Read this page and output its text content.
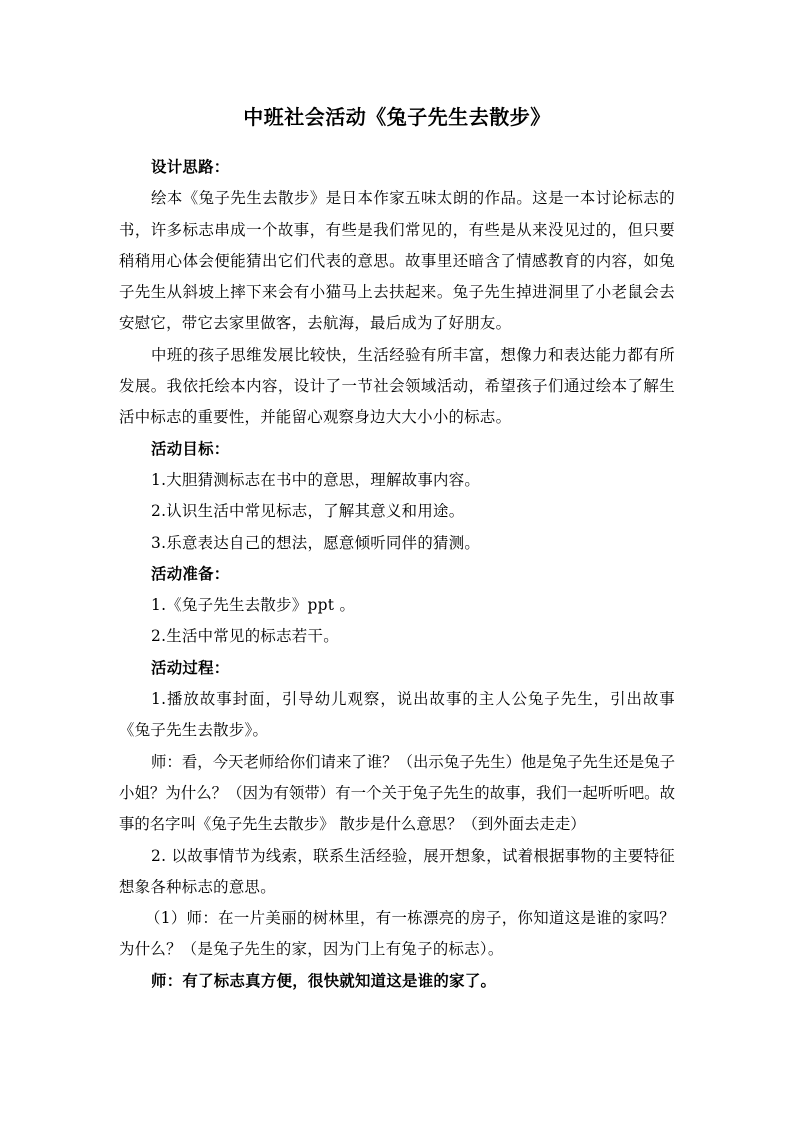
中班社会活动《兔子先生去散步》

设计思路：

绘本《兔子先生去散步》是日本作家五味太朗的作品。这是一本讨论标志的书，许多标志串成一个故事，有些是我们常见的，有些是从来没见过的，但只要稍稍用心体会便能猜出它们代表的意思。故事里还暗含了情感教育的内容，如兔子先生从斜坡上摔下来会有小猫马上去扶起来。兔子先生掉进洞里了小老鼠会去安慰它，带它去家里做客，去航海，最后成为了好朋友。

中班的孩子思维发展比较快，生活经验有所丰富，想像力和表达能力都有所发展。我依托绘本内容，设计了一节社会领域活动，希望孩子们通过绘本了解生活中标志的重要性，并能留心观察身边大大小小的标志。

活动目标：

1.大胆猜测标志在书中的意思，理解故事内容。

2.认识生活中常见标志，了解其意义和用途。

3.乐意表达自己的想法，愿意倾听同伴的猜测。

活动准备：

1.《兔子先生去散步》ppt 。

2.生活中常见的标志若干。

活动过程：

1.播放故事封面，引导幼儿观察，说出故事的主人公兔子先生，引出故事《兔子先生去散步》。

师：看，今天老师给你们请来了谁？（出示兔子先生）他是兔子先生还是兔子小姐？为什么？（因为有领带）有一个关于兔子先生的故事，我们一起听听吧。故事的名字叫《兔子先生去散步》 散步是什么意思？（到外面去走走）

2. 以故事情节为线索，联系生活经验，展开想象，试着根据事物的主要特征想象各种标志的意思。

（1）师：在一片美丽的树林里，有一栋漂亮的房子，你知道这是谁的家吗？为什么？（是兔子先生的家，因为门上有兔子的标志）。

师：有了标志真方便，很快就知道这是谁的家了。
